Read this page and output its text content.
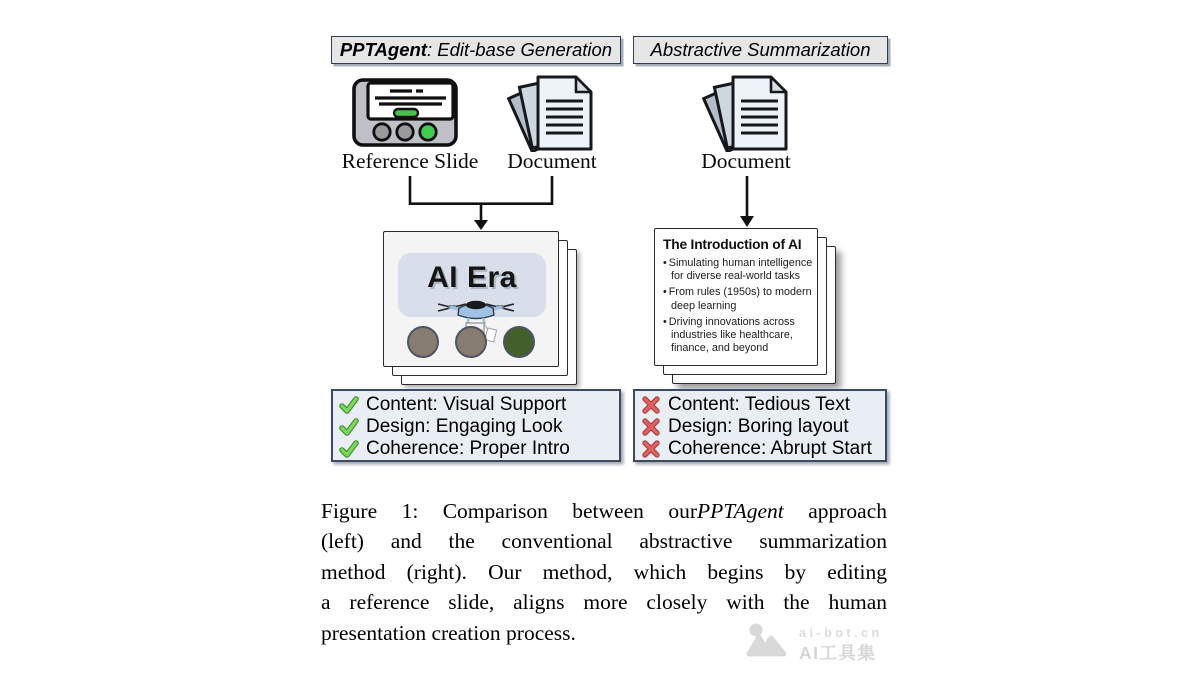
PPTAgent : Edit-base Generation Abstractive Summarization
Reference Slide	Document	Document
AI Era
The Introduction of AI
• Simulating human intelligence for diverse real-world tasks
• From rules (1950s) to modern deep learning
• Driving innovations across industries like healthcare, finance, and beyond
Content: Visual Support
Design: Engaging Look
Coherence: Proper Intro
Content: Tedious Text
Design: Boring layout
Coherence: Abrupt Start
Figure 1: Comparison between ourPPTAgent approach
(left) and the conventional abstractive summarization
method (right). Our method, which begins by editing
a reference slide, aligns more closely with the human
presentation creation process.	ai-bot.cn
AI工具集
